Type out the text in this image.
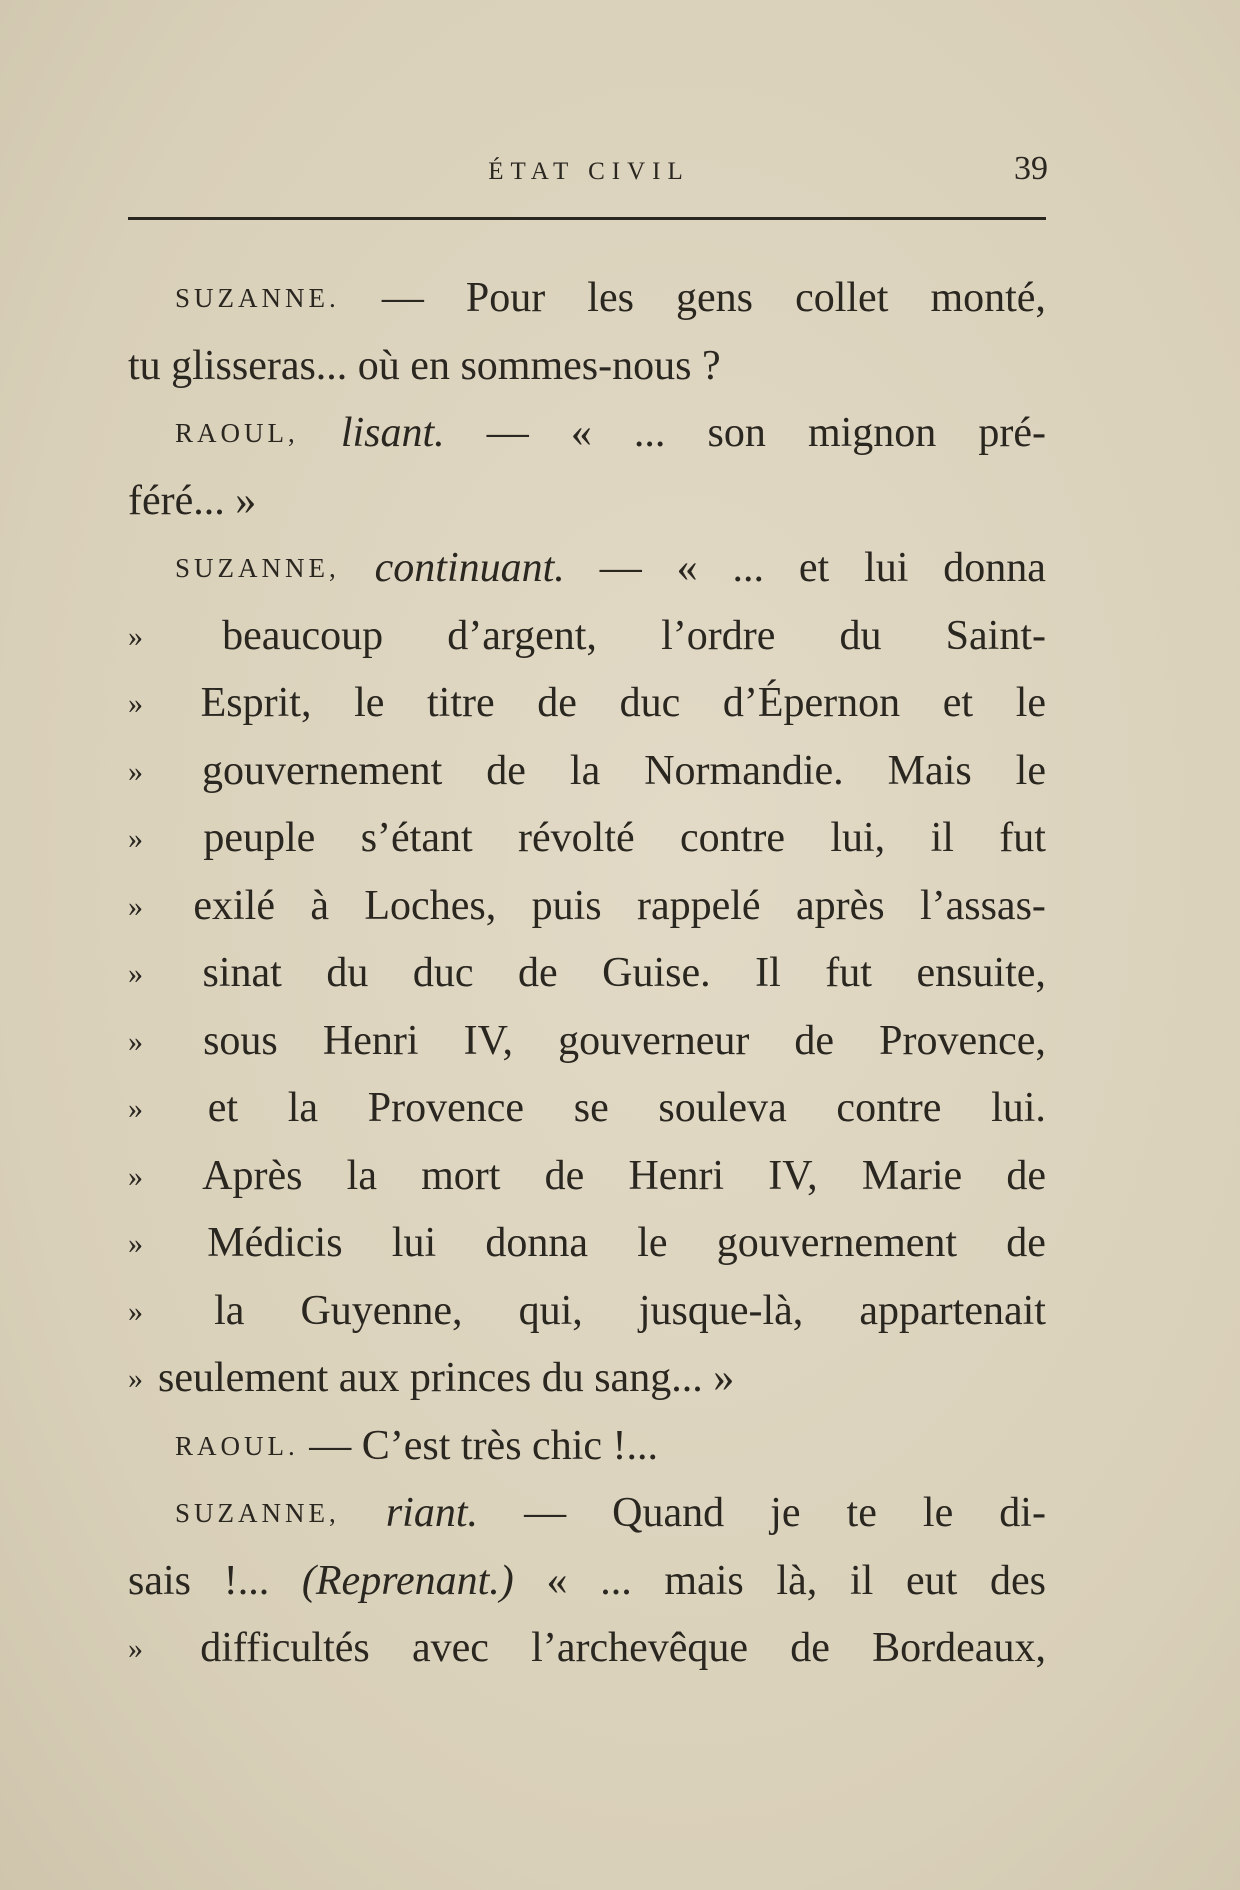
ÉTAT CIVIL	39
SUZANNE. — Pour les gens collet monté,
tu glisseras... où en sommes-nous ?
RAOUL, lisant. — « ... son mignon pré-
féré... »
SUZANNE, continuant. — « ... et lui donna
»	beaucoup d’argent, l’ordre du Saint-
»	Esprit, le titre de duc d’Épernon et le
»	gouvernement de la Normandie. Mais le
»	peuple s’étant révolté contre lui, il fut
»	exilé à Loches, puis rappelé après l’assas-
»	sinat du duc de Guise. Il fut ensuite,
»	sous Henri IV, gouverneur de Provence,
»	et la Provence se souleva contre lui.
»	Après la mort de Henri IV, Marie de
»	Médicis lui donna le gouvernement de
»	la Guyenne, qui, jusque-là, appartenait
» seulement aux princes du sang... »
RAOUL. — C’est très chic !...
SUZANNE, riant. — Quand je te le di-
sais !... (Reprenant.) « ... mais là, il eut des
»	difficultés avec l’archevêque de Bordeaux,
